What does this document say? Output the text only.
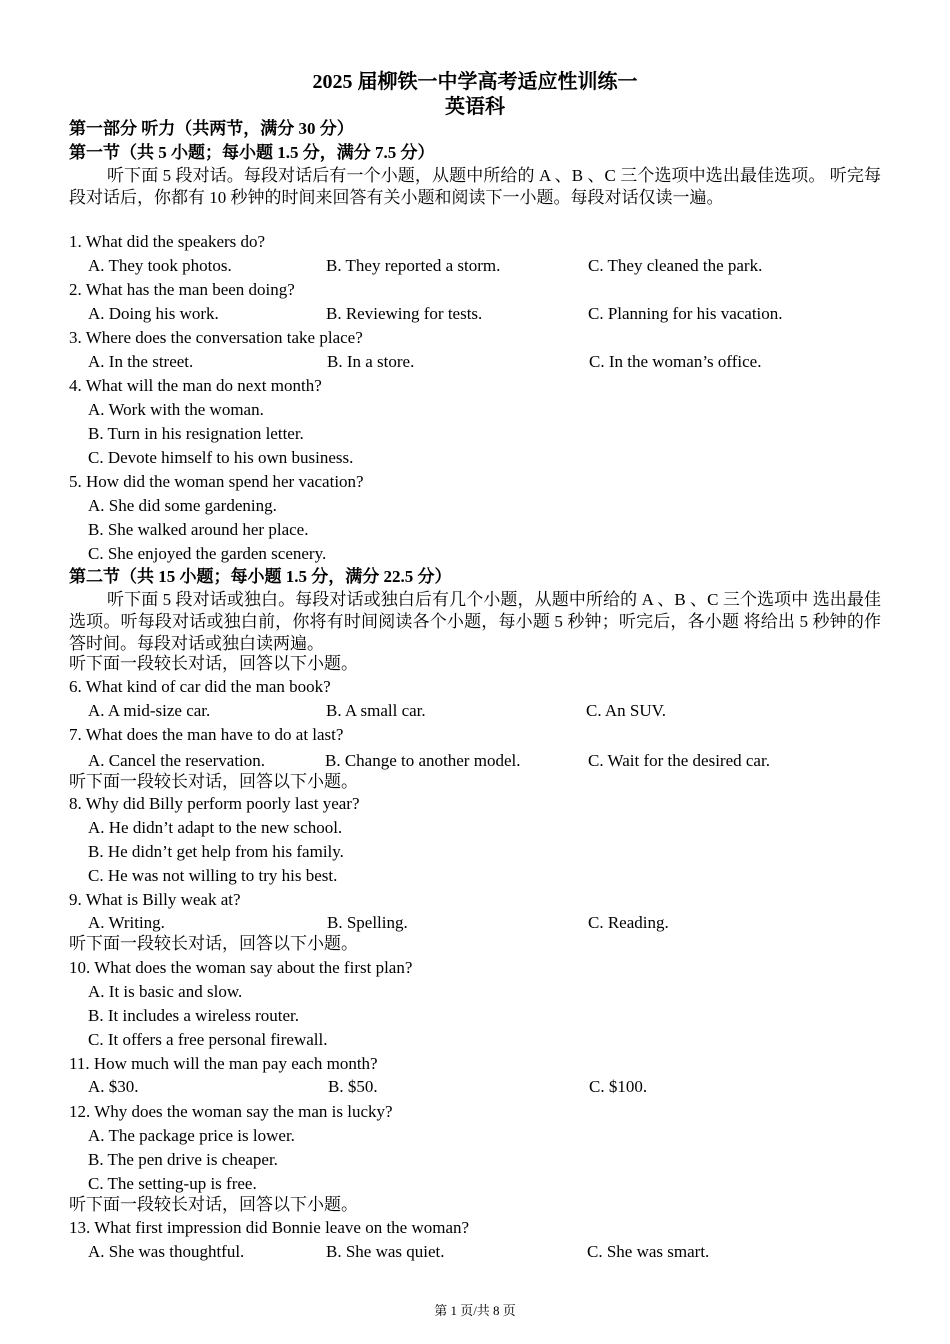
2025 届柳铁一中学高考适应性训练一
英语科
第一部分 听力（共两节，满分 30 分）
第一节（共 5 小题；每小题 1.5 分，满分 7.5 分）
听下面 5 段对话。每段对话后有一个小题，从题中所给的 A 、B 、C 三个选项中选出最佳选项。 听完每段对话后，你都有 10 秒钟的时间来回答有关小题和阅读下一小题。每段对话仅读一遍。
1. What did the speakers do?
A. They took photos.	B. They reported a storm.	C. They cleaned the park.
2. What has the man been doing?
A. Doing his work.	B. Reviewing for tests.	C. Planning for his vacation.
3. Where does the conversation take place?
A. In the street.	B. In a store.	C. In the woman’s office.
4. What will the man do next month?
A. Work with the woman.
B. Turn in his resignation letter.
C. Devote himself to his own business.
5. How did the woman spend her vacation?
A. She did some gardening.
B. She walked around her place.
C. She enjoyed the garden scenery.
第二节（共 15 小题；每小题 1.5 分，满分 22.5 分）
听下面 5 段对话或独白。每段对话或独白后有几个小题，从题中所给的 A 、B 、C 三个选项中 选出最佳选项。听每段对话或独白前，你将有时间阅读各个小题，每小题 5 秒钟；听完后，各小题 将给出 5 秒钟的作答时间。每段对话或独白读两遍。
听下面一段较长对话，回答以下小题。
6. What kind of car did the man book?
A. A mid-size car.	B. A small car.	C. An SUV.
7. What does the man have to do at last?
A. Cancel the reservation.	B. Change to another model.	C. Wait for the desired car.
听下面一段较长对话，回答以下小题。
8. Why did Billy perform poorly last year?
A. He didn’t adapt to the new school.
B. He didn’t get help from his family.
C. He was not willing to try his best.
9. What is Billy weak at?
A. Writing.	B. Spelling.	C. Reading.
听下面一段较长对话，回答以下小题。
10. What does the woman say about the first plan?
A. It is basic and slow.
B. It includes a wireless router.
C. It offers a free personal firewall.
11. How much will the man pay each month?
A. $30.	B. $50.	C. $100.
12. Why does the woman say the man is lucky?
A. The package price is lower.
B. The pen drive is cheaper.
C. The setting-up is free.
听下面一段较长对话，回答以下小题。
13. What first impression did Bonnie leave on the woman?
A. She was thoughtful.	B. She was quiet.	C. She was smart.
第 1 页/共 8 页
